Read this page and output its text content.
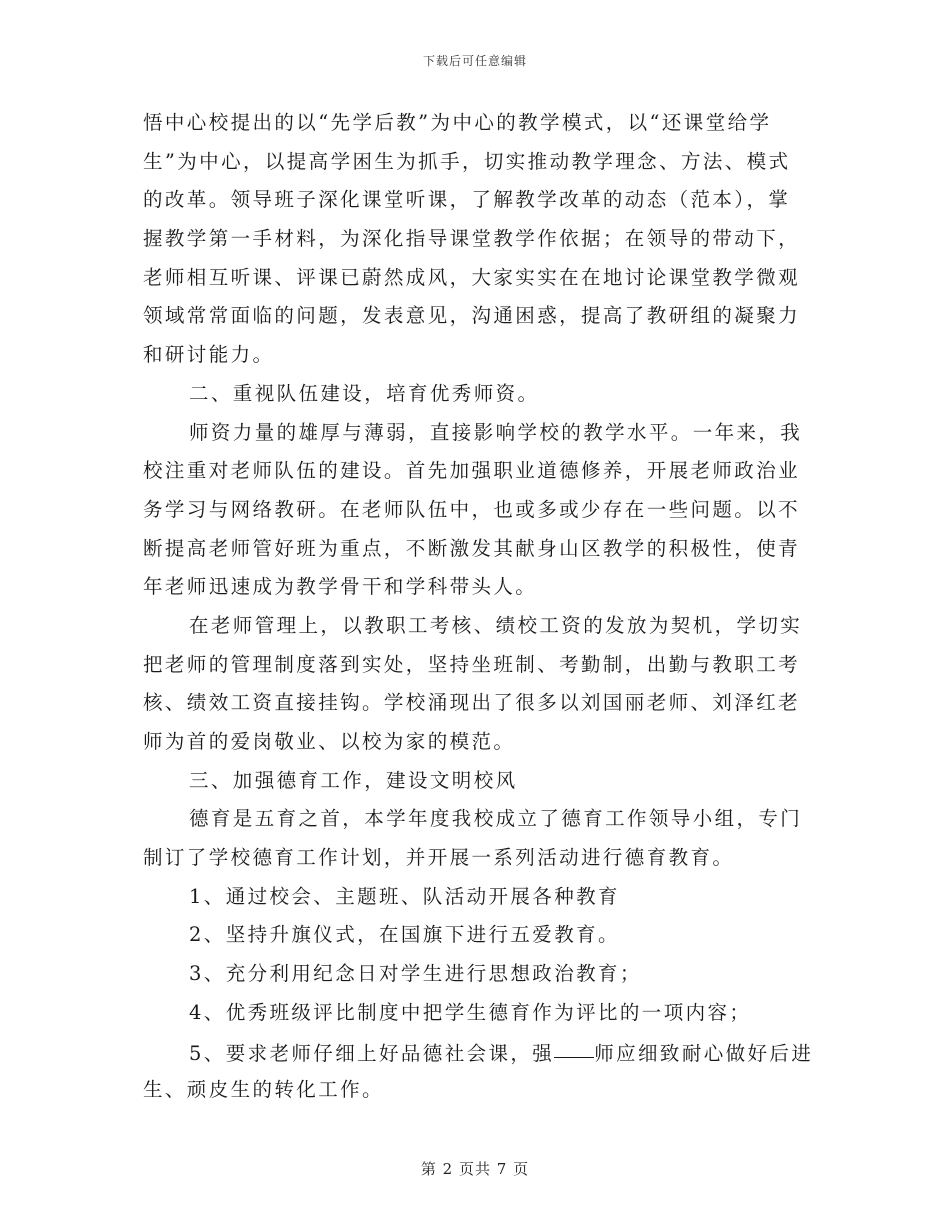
下载后可任意编辑
悟中心校提出的以“先学后教”为中心的教学模式，以“还课堂给学
生”为中心，以提高学困生为抓手，切实推动教学理念、方法、模式
的改革。领导班子深化课堂听课，了解教学改革的动态（范本），掌
握教学第一手材料，为深化指导课堂教学作依据；在领导的带动下，
老师相互听课、评课已蔚然成风，大家实实在在地讨论课堂教学微观
领域常常面临的问题，发表意见，沟通困惑，提高了教研组的凝聚力
和研讨能力。
二、重视队伍建设，培育优秀师资。
师资力量的雄厚与薄弱，直接影响学校的教学水平。一年来，我
校注重对老师队伍的建设。首先加强职业道德修养，开展老师政治业
务学习与网络教研。在老师队伍中，也或多或少存在一些问题。以不
断提高老师管好班为重点，不断激发其献身山区教学的积极性，使青
年老师迅速成为教学骨干和学科带头人。
在老师管理上，以教职工考核、绩校工资的发放为契机，学切实
把老师的管理制度落到实处，坚持坐班制、考勤制，出勤与教职工考
核、绩效工资直接挂钩。学校涌现出了很多以刘国丽老师、刘泽红老
师为首的爱岗敬业、以校为家的模范。
三、加强德育工作，建设文明校风
德育是五育之首，本学年度我校成立了德育工作领导小组，专门
制订了学校德育工作计划，并开展一系列活动进行德育教育。
1、通过校会、主题班、队活动开展各种教育
2、坚持升旗仪式，在国旗下进行五爱教育。
3、充分利用纪念日对学生进行思想政治教育；
4、优秀班级评比制度中把学生德育作为评比的一项内容；
5、要求老师仔细上好品德社会课，强 师应细致耐心做好后进
生、顽皮生的转化工作。
第 2 页共 7 页
